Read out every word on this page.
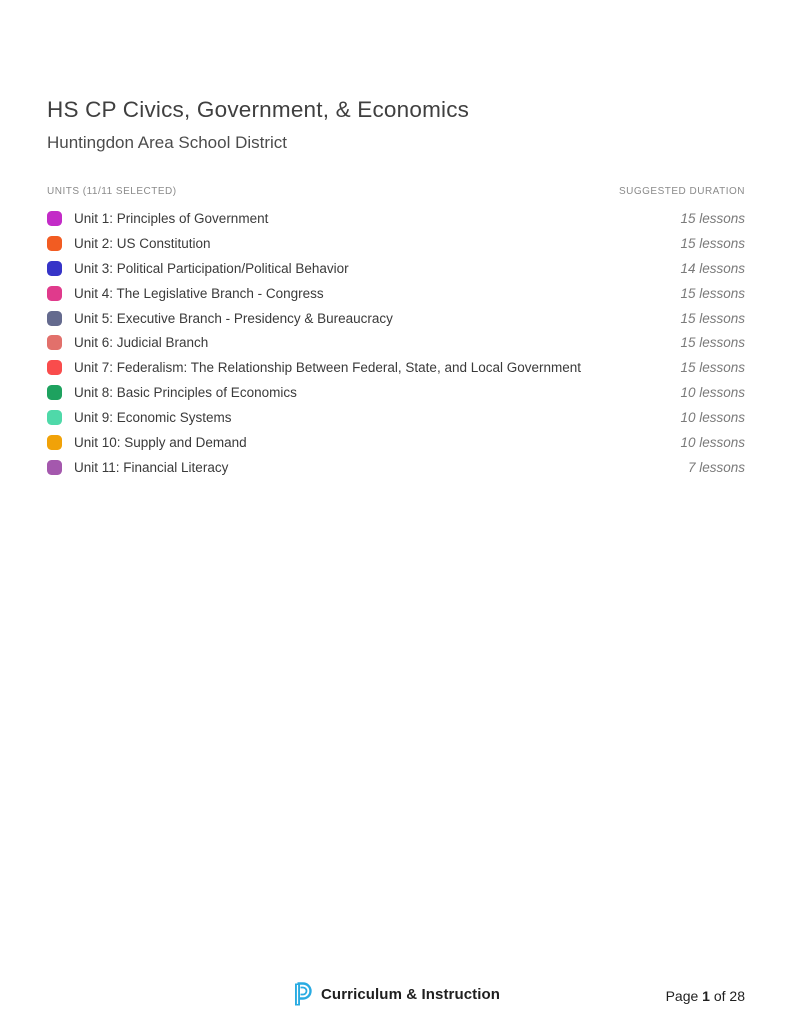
HS CP Civics, Government, & Economics
Huntingdon Area School District
UNITS (11/11 SELECTED)	SUGGESTED DURATION
Unit 1: Principles of Government	15 lessons
Unit 2: US Constitution	15 lessons
Unit 3: Political Participation/Political Behavior	14 lessons
Unit 4: The Legislative Branch - Congress	15 lessons
Unit 5: Executive Branch - Presidency & Bureaucracy	15 lessons
Unit 6: Judicial Branch	15 lessons
Unit 7: Federalism: The Relationship Between Federal, State, and Local Government	15 lessons
Unit 8: Basic Principles of Economics	10 lessons
Unit 9: Economic Systems	10 lessons
Unit 10: Supply and Demand	10 lessons
Unit 11: Financial Literacy	7 lessons
Curriculum & Instruction	Page 1 of 28
